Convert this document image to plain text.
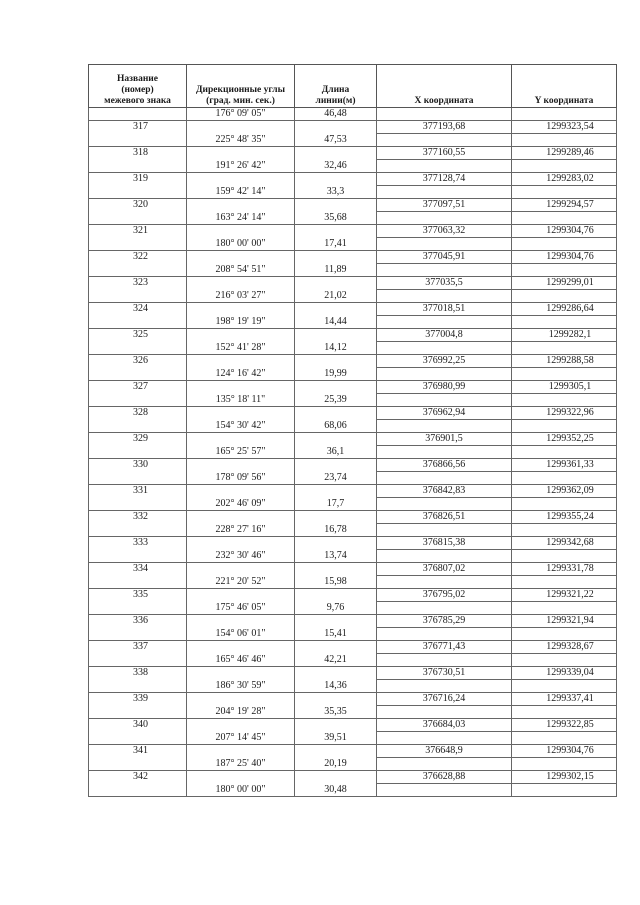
Название
(номер)
межевого знака	Дирекционные углы
(град. мин. сек.)	Длина
линии(м)	X координата	Y координата

	176° 09' 05"	46,48		
317			377193,68	1299323,54
	225° 48' 35"	47,53		
318			377160,55	1299289,46
	191° 26' 42"	32,46		
319			377128,74	1299283,02
	159° 42' 14"	33,3		
320			377097,51	1299294,57
	163° 24' 14"	35,68		
321			377063,32	1299304,76
	180° 00' 00"	17,41		
322			377045,91	1299304,76
	208° 54' 51"	11,89		
323			377035,5	1299299,01
	216° 03' 27"	21,02		
324			377018,51	1299286,64
	198° 19' 19"	14,44		
325			377004,8	1299282,1
	152° 41' 28"	14,12		
326			376992,25	1299288,58
	124° 16' 42"	19,99		
327			376980,99	1299305,1
	135° 18' 11"	25,39		
328			376962,94	1299322,96
	154° 30' 42"	68,06		
329			376901,5	1299352,25
	165° 25' 57"	36,1		
330			376866,56	1299361,33
	178° 09' 56"	23,74		
331			376842,83	1299362,09
	202° 46' 09"	17,7		
332			376826,51	1299355,24
	228° 27' 16"	16,78		
333			376815,38	1299342,68
	232° 30' 46"	13,74		
334			376807,02	1299331,78
	221° 20' 52"	15,98		
335			376795,02	1299321,22
	175° 46' 05"	9,76		
336			376785,29	1299321,94
	154° 06' 01"	15,41		
337			376771,43	1299328,67
	165° 46' 46"	42,21		
338			376730,51	1299339,04
	186° 30' 59"	14,36		
339			376716,24	1299337,41
	204° 19' 28"	35,35		
340			376684,03	1299322,85
	207° 14' 45"	39,51		
341			376648,9	1299304,76
	187° 25' 40"	20,19		
342			376628,88	1299302,15
	180° 00' 00"	30,48		
